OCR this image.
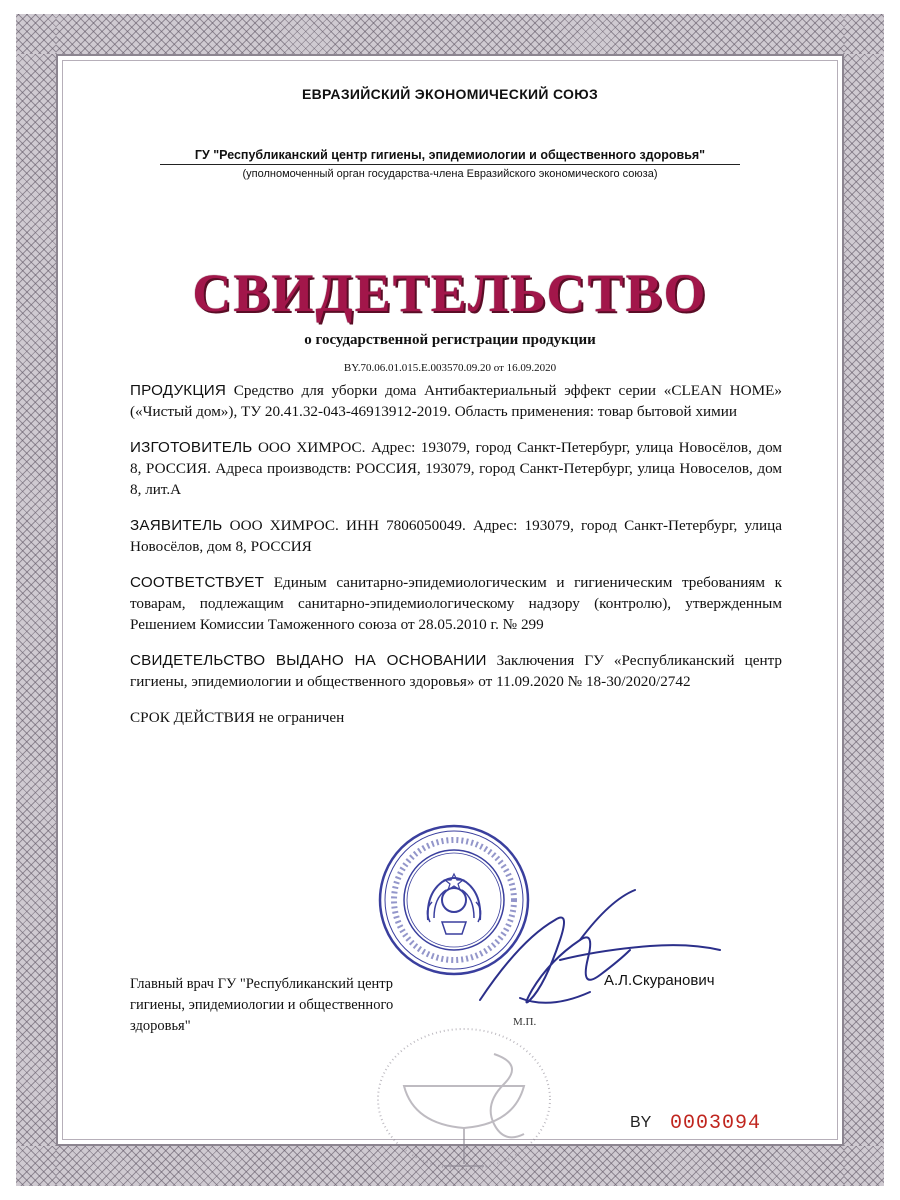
ЕВРАЗИЙСКИЙ ЭКОНОМИЧЕСКИЙ СОЮЗ
ГУ "Республиканский центр гигиены, эпидемиологии и общественного здоровья"
(уполномоченный орган государства-члена Евразийского экономического союза)
СВИДЕТЕЛЬСТВО
о государственной регистрации продукции
BY.70.06.01.015.E.003570.09.20 от 16.09.2020

ПРОДУКЦИЯ Средство для уборки дома Антибактериальный эффект серии «CLEAN HOME» («Чистый дом»), ТУ 20.41.32-043-46913912-2019. Область применения: товар бытовой химии

ИЗГОТОВИТЕЛЬ ООО ХИМРОС. Адрес: 193079, город Санкт-Петербург, улица Новосёлов, дом 8, РОССИЯ. Адреса производств: РОССИЯ, 193079, город Санкт-Петербург, улица Новоселов, дом 8, лит.А

ЗАЯВИТЕЛЬ ООО ХИМРОС. ИНН 7806050049. Адрес: 193079, город Санкт-Петербург, улица Новосёлов, дом 8, РОССИЯ

СООТВЕТСТВУЕТ Единым санитарно-эпидемиологическим и гигиеническим требованиям к товарам, подлежащим санитарно-эпидемиологическому надзору (контролю), утвержденным Решением Комиссии Таможенного союза от 28.05.2010 г. № 299

СВИДЕТЕЛЬСТВО ВЫДАНО НА ОСНОВАНИИ Заключения ГУ «Республиканский центр гигиены, эпидемиологии и общественного здоровья» от 11.09.2020 № 18-30/2020/2742

СРОК ДЕЙСТВИЯ не ограничен

Главный врач ГУ "Республиканский центр гигиены, эпидемиологии и общественного здоровья"
А.Л.Скуранович
М.П.
BY 0003094
